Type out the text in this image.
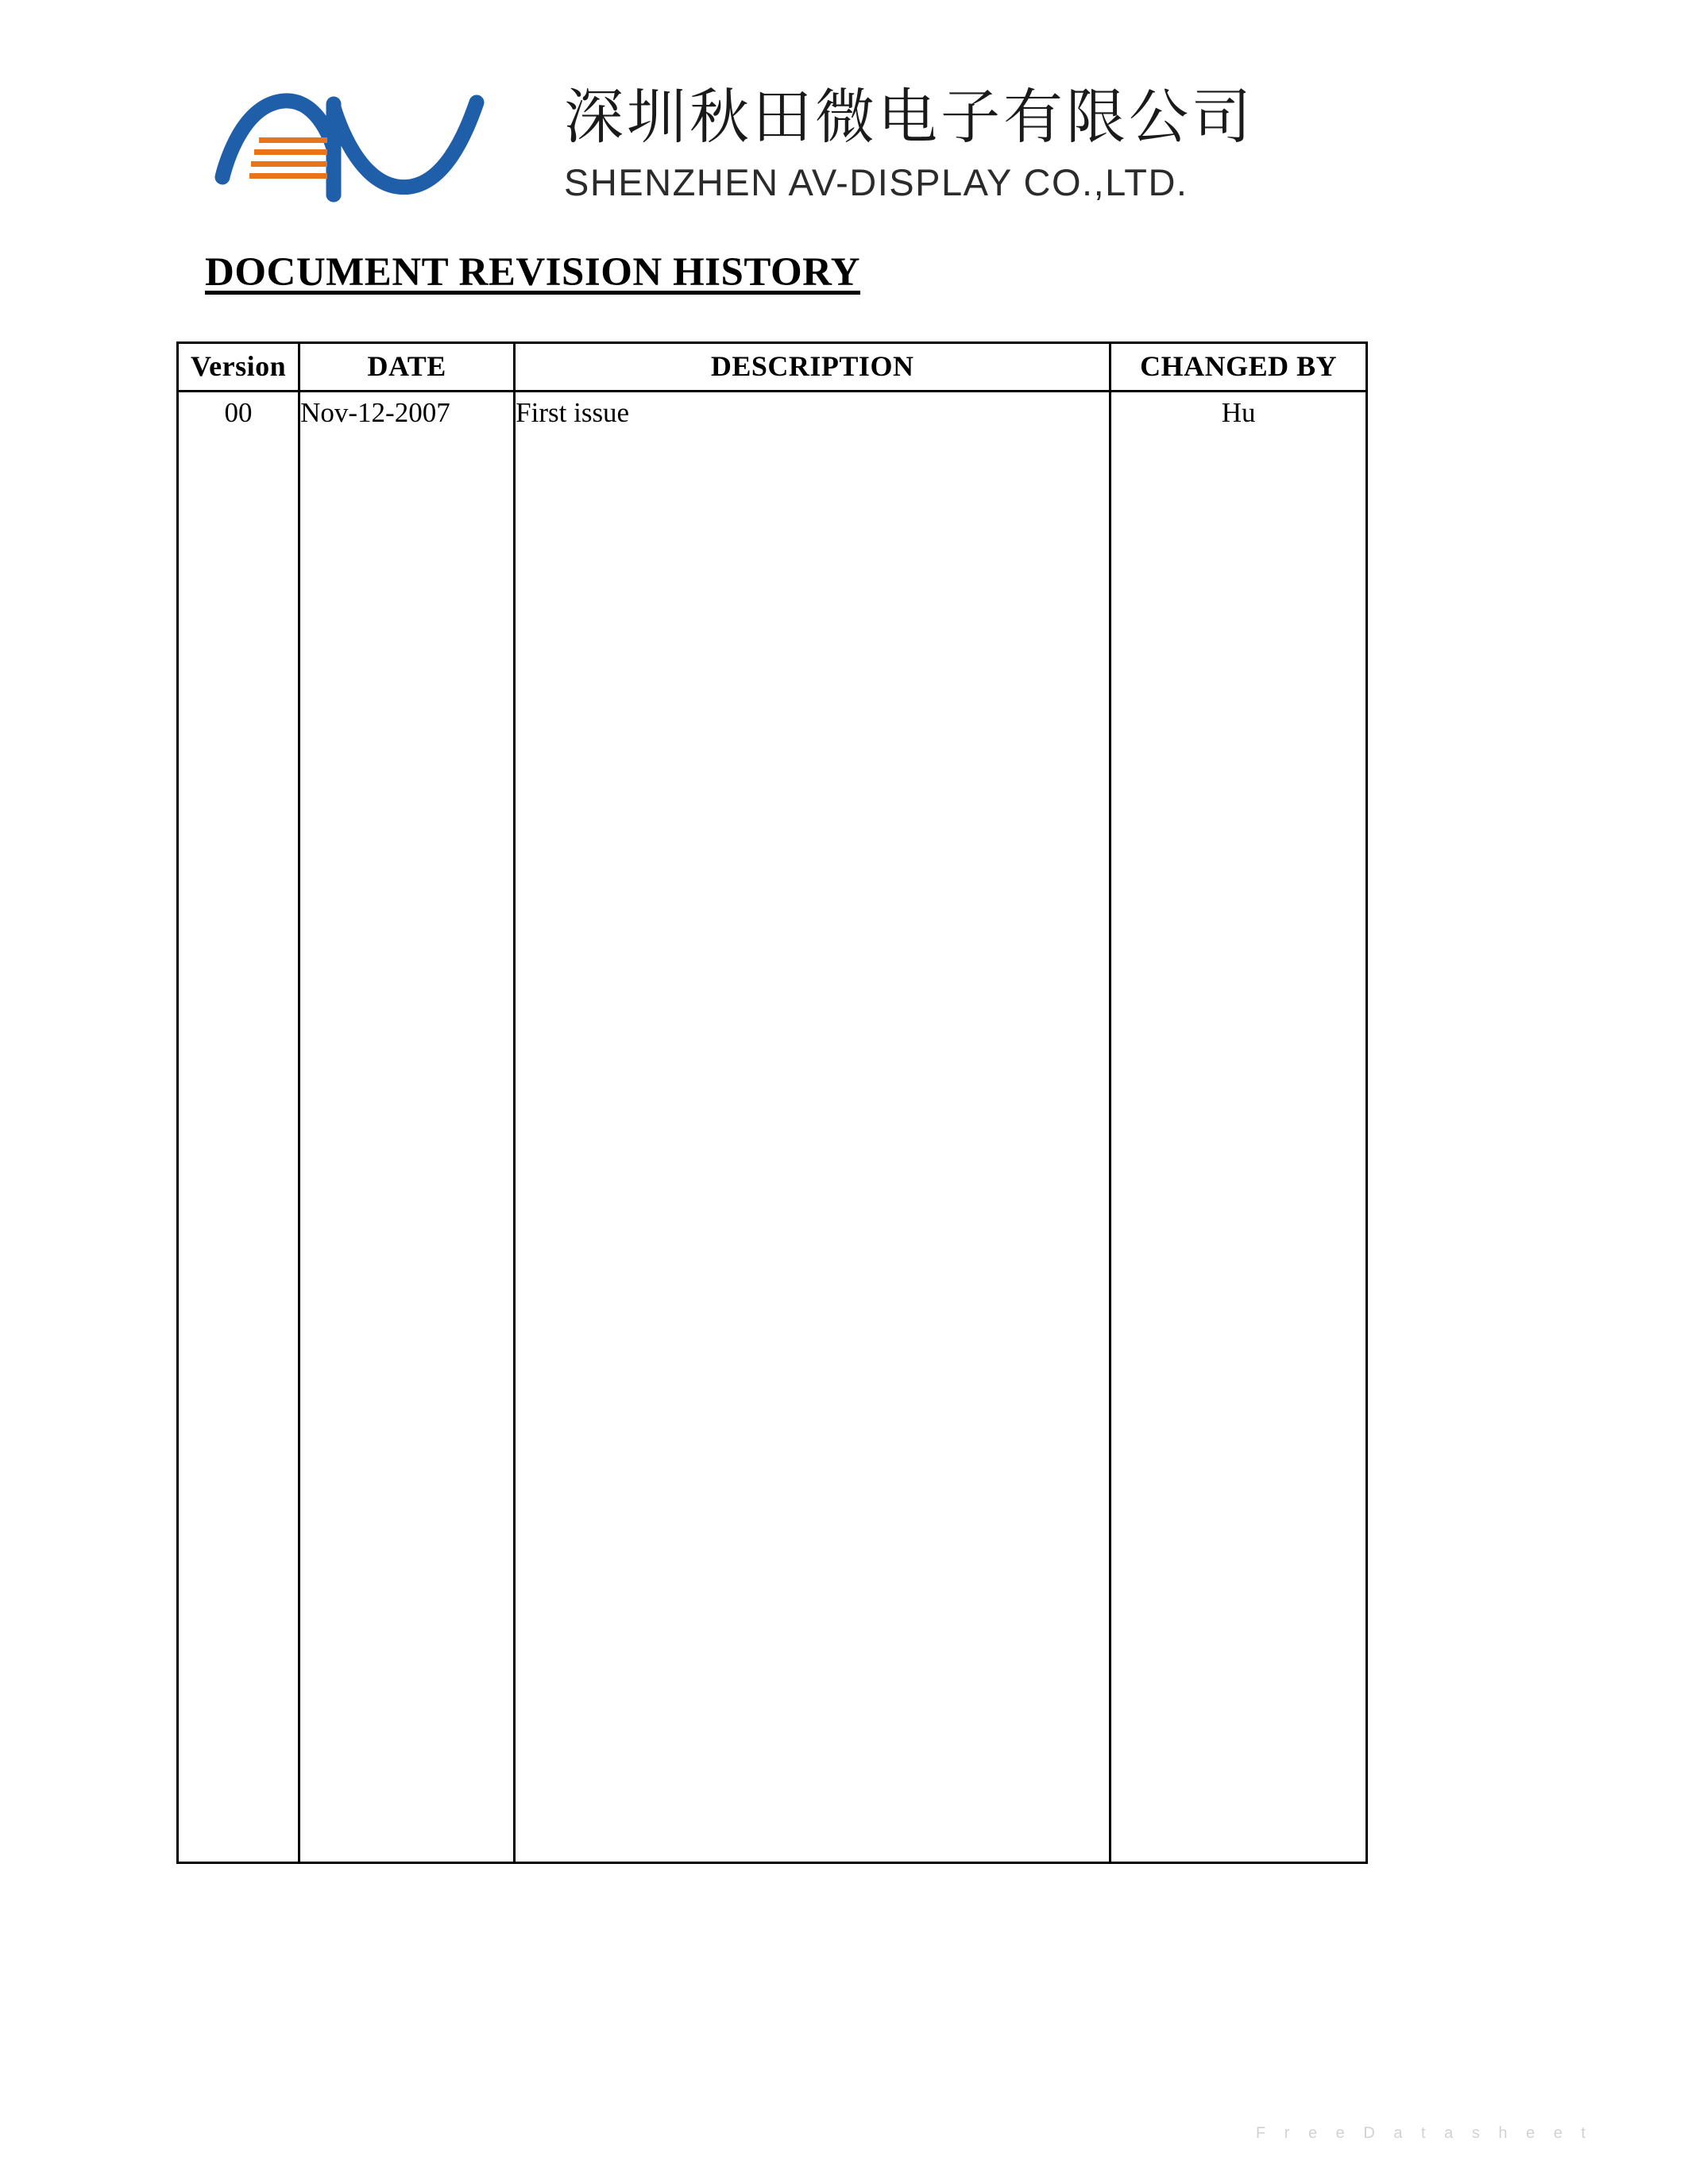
深圳秋田微电子有限公司
SHENZHEN AV-DISPLAY CO.,LTD.
DOCUMENT REVISION HISTORY
Version	DATE	DESCRIPTION	CHANGED BY
00	Nov-12-2007	First issue	Hu

F r e e D a t a s h e e t
